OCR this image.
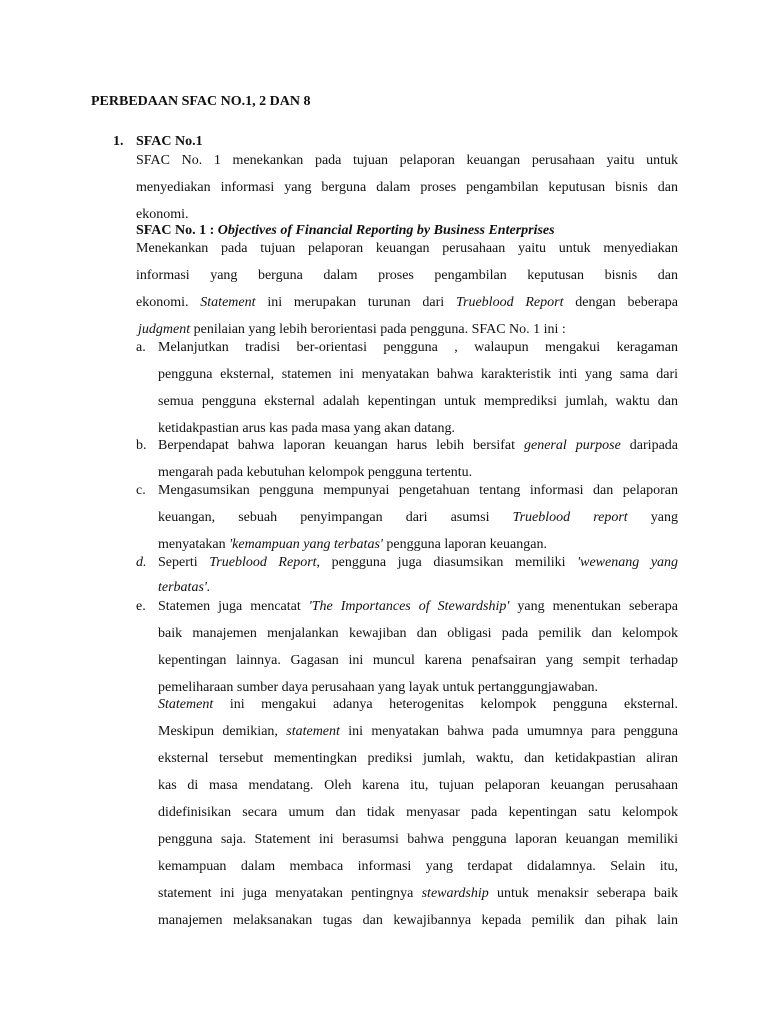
PERBEDAAN SFAC NO.1, 2 DAN 8
1. SFAC No.1
SFAC No. 1 menekankan pada tujuan pelaporan keuangan perusahaan yaitu untuk
menyediakan informasi yang berguna dalam proses pengambilan keputusan bisnis dan
ekonomi.
SFAC No. 1 : Objectives of Financial Reporting by Business Enterprises
Menekankan pada tujuan pelaporan keuangan perusahaan yaitu untuk menyediakan
informasi yang berguna dalam proses pengambilan keputusan bisnis dan
ekonomi. Statement ini merupakan turunan dari Trueblood Report dengan beberapa
judgment penilaian yang lebih berorientasi pada pengguna. SFAC No. 1 ini :
a. Melanjutkan tradisi ber-orientasi pengguna , walaupun mengakui keragaman
pengguna eksternal, statemen ini menyatakan bahwa karakteristik inti yang sama dari
semua pengguna eksternal adalah kepentingan untuk memprediksi jumlah, waktu dan
ketidakpastian arus kas pada masa yang akan datang.
b. Berpendapat bahwa laporan keuangan harus lebih bersifat general purpose daripada
mengarah pada kebutuhan kelompok pengguna tertentu.
c. Mengasumsikan pengguna mempunyai pengetahuan tentang informasi dan pelaporan
keuangan, sebuah penyimpangan dari asumsi Trueblood report yang
menyatakan 'kemampuan yang terbatas' pengguna laporan keuangan.
d. Seperti Trueblood Report, pengguna juga diasumsikan memiliki 'wewenang yang
terbatas'.
e. Statemen juga mencatat 'The Importances of Stewardship' yang menentukan seberapa
baik manajemen menjalankan kewajiban dan obligasi pada pemilik dan kelompok
kepentingan lainnya. Gagasan ini muncul karena penafsairan yang sempit terhadap
pemeliharaan sumber daya perusahaan yang layak untuk pertanggungjawaban.
Statement ini mengakui adanya heterogenitas kelompok pengguna eksternal.
Meskipun demikian, statement ini menyatakan bahwa pada umumnya para pengguna
eksternal tersebut mementingkan prediksi jumlah, waktu, dan ketidakpastian aliran
kas di masa mendatang. Oleh karena itu, tujuan pelaporan keuangan perusahaan
didefinisikan secara umum dan tidak menyasar pada kepentingan satu kelompok
pengguna saja. Statement ini berasumsi bahwa pengguna laporan keuangan memiliki
kemampuan dalam membaca informasi yang terdapat didalamnya. Selain itu,
statement ini juga menyatakan pentingnya stewardship untuk menaksir seberapa baik
manajemen melaksanakan tugas dan kewajibannya kepada pemilik dan pihak lain
